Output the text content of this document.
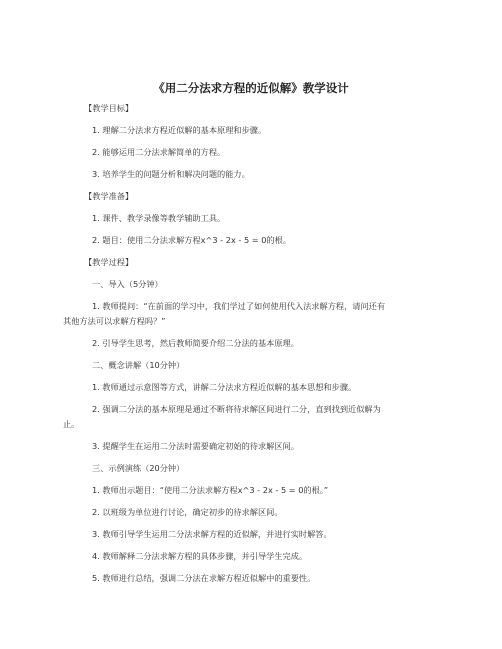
《用二分法求方程的近似解》教学设计
【教学目标】
1. 理解二分法求方程近似解的基本原理和步骤。
2. 能够运用二分法求解简单的方程。
3. 培养学生的问题分析和解决问题的能力。
【教学准备】
1. 课件、教学录像等教学辅助工具。
2. 题目：使用二分法求解方程x^3 - 2x - 5 = 0的根。
【教学过程】
一、导入（5分钟）
1. 教师提问：“在前面的学习中，我们学过了如何使用代入法求解方程，请问还有
其他方法可以求解方程吗？”
2. 引导学生思考，然后教师简要介绍二分法的基本原理。
二、概念讲解（10分钟）
1. 教师通过示意图等方式，讲解二分法求方程近似解的基本思想和步骤。
2. 强调二分法的基本原理是通过不断将待求解区间进行二分，直到找到近似解为
止。
3. 提醒学生在运用二分法时需要确定初始的待求解区间。
三、示例演练（20分钟）
1. 教师出示题目：“使用二分法求解方程x^3 - 2x - 5 = 0的根。”
2. 以班级为单位进行讨论，确定初步的待求解区间。
3. 教师引导学生运用二分法求解方程的近似解，并进行实时解答。
4. 教师解释二分法求解方程的具体步骤，并引导学生完成。
5. 教师进行总结，强调二分法在求解方程近似解中的重要性。
